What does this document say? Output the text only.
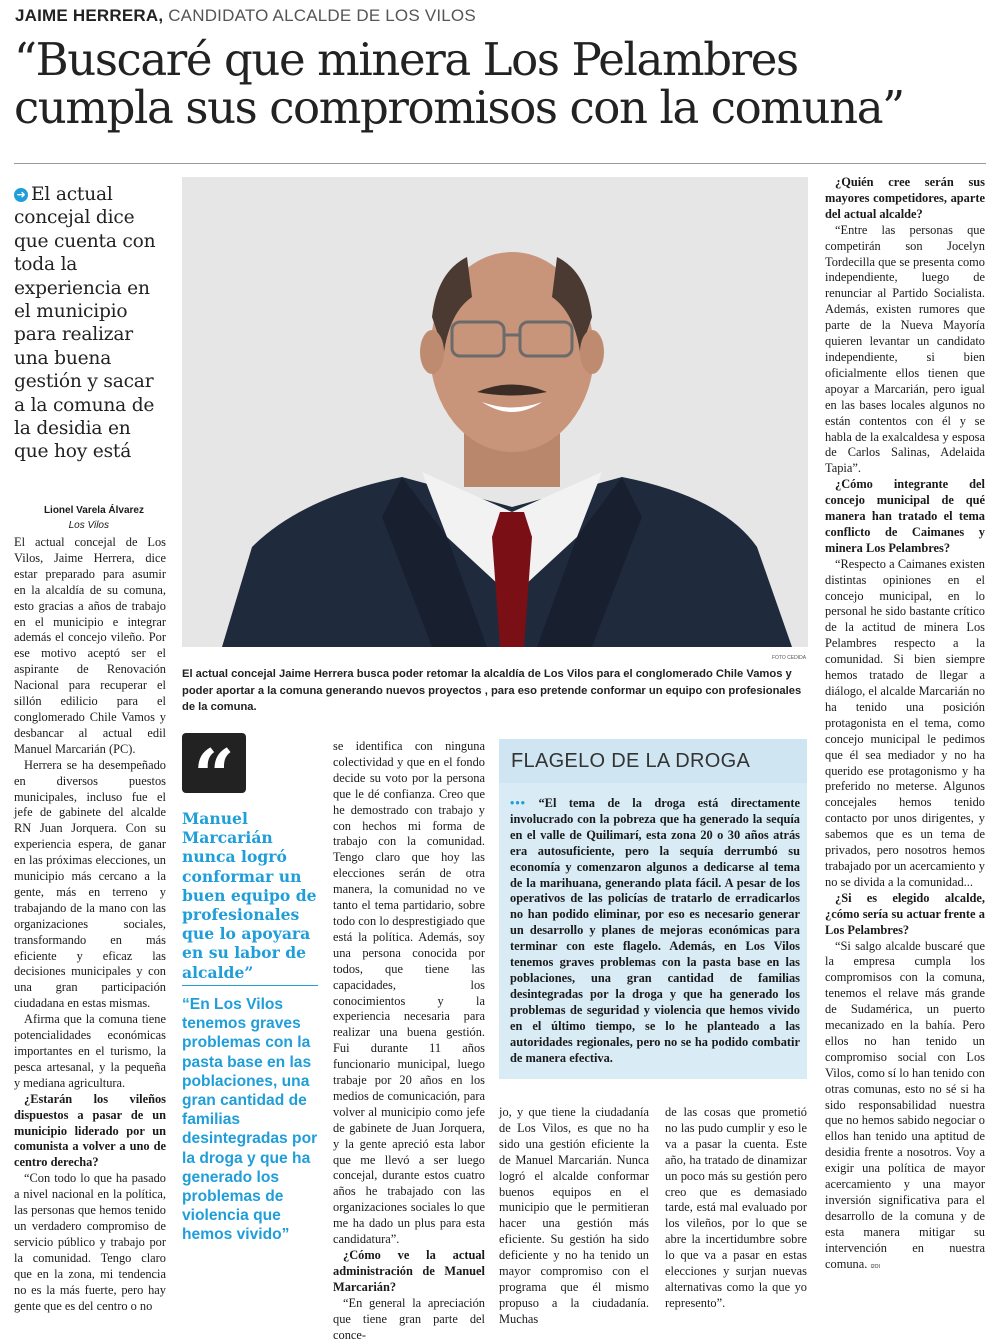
JAIME HERRERA, CANDIDATO ALCALDE DE LOS VILOS
“Buscaré que minera Los Pelambres
cumpla sus compromisos con la comuna”
➜ El actual concejal dice que cuenta con toda la experiencia en el municipio para realizar una buena gestión y sacar a la comuna de la desidia en que hoy está
Lionel Varela Álvarez
Los Vilos

El actual concejal de Los Vilos, Jaime Herrera, dice estar preparado para asumir en la alcaldía de su comuna, esto gracias a años de trabajo en el municipio e integrar además el concejo vileño. Por ese motivo aceptó ser el aspirante de Renovación Nacional para recuperar el sillón edilicio para el conglomerado Chile Vamos y desbancar al actual edil Manuel Marcarián (PC).

Herrera se ha desempeñado en diversos puestos municipales, incluso fue el jefe de gabinete del alcalde RN Juan Jorquera. Con su experiencia espera, de ganar en las próximas elecciones, un municipio más cercano a la gente, más en terreno y trabajando de la mano con las organizaciones sociales, transformando en más eficiente y eficaz las decisiones municipales y con una gran participación ciudadana en estas mismas.

Afirma que la comuna tiene potencialidades económicas importantes en el turismo, la pesca artesanal, y la pequeña y mediana agricultura.

¿Estarán los vileños dispuestos a pasar de un municipio liderado por un comunista a volver a uno de centro derecha?

“Con todo lo que ha pasado a nivel nacional en la política, las personas que hemos tenido un verdadero compromiso de servicio público y trabajo por la comunidad. Tengo claro que en la zona, mi tendencia no es la más fuerte, pero hay gente que es del centro o no

FOTO CEDIDA
El actual concejal Jaime Herrera busca poder retomar la alcaldía de Los Vilos para el conglomerado Chile Vamos y poder aportar a la comuna generando nuevos proyectos , para eso pretende conformar un equipo con profesionales de la comuna.
“
Manuel Marcarián nunca logró conformar un buen equipo de profesionales que lo apoyara en su labor de alcalde”
“En Los Vilos tenemos graves problemas con la pasta base en las poblaciones, una gran cantidad de familias desintegradas por la droga y que ha generado los problemas de violencia que hemos vivido”

se identifica con ninguna colectividad y que en el fondo decide su voto por la persona que le dé confianza. Creo que he demostrado con trabajo y con hechos mi forma de trabajo con la comunidad. Tengo claro que hoy las elecciones serán de otra manera, la comunidad no ve tanto el tema partidario, sobre todo con lo desprestigiado que está la política. Además, soy una persona conocida por todos, que tiene las capacidades, los conocimientos y la experiencia necesaria para realizar una buena gestión. Fui durante 11 años funcionario municipal, luego trabaje por 20 años en los medios de comunicación, para volver al municipio como jefe de gabinete de Juan Jorquera, y la gente apreció esta labor que me llevó a ser luego concejal, durante estos cuatro años he trabajado con las organizaciones sociales lo que me ha dado un plus para esta candidatura”.

¿Cómo ve la actual administración de Manuel Marcarián?

“En general la apreciación que tiene gran parte del conce-

FLAGELO DE LA DROGA
••• “El tema de la droga está directamente involucrado con la pobreza que ha generado la sequía en el valle de Quilimarí, esta zona 20 o 30 años atrás era autosuficiente, pero la sequía derrumbó su economía y comenzaron algunos a dedicarse al tema de la marihuana, generando plata fácil. A pesar de los operativos de las policías de tratarlo de erradicarlos no han podido eliminar, por eso es necesario generar un desarrollo y planes de mejoras económicas para terminar con este flagelo. Además, en Los Vilos tenemos graves problemas con la pasta base en las poblaciones, una gran cantidad de familias desintegradas por la droga y que ha generado los problemas de seguridad y violencia que hemos vivido en el último tiempo, se lo he planteado a las autoridades regionales, pero no se ha podido combatir de manera efectiva.

jo, y que tiene la ciudadanía de Los Vilos, es que no ha sido una gestión eficiente la de Manuel Marcarián. Nunca logró el alcalde conformar buenos equipos en el municipio que le permitieran hacer una gestión más eficiente. Su gestión ha sido deficiente y no ha tenido un mayor compromiso con el programa que él mismo propuso a la ciudadanía. Muchas

de las cosas que prometió no las pudo cumplir y eso le va a pasar la cuenta. Este año, ha tratado de dinamizar un poco más su gestión pero creo que es demasiado tarde, está mal evaluado por los vileños, por lo que se abre la incertidumbre sobre lo que va a pasar en estas elecciones y surjan nuevas alternativas como la que yo represento”.

¿Quién cree serán sus mayores competidores, aparte del actual alcalde?

“Entre las personas que competirán son Jocelyn Tordecilla que se presenta como independiente, luego de renunciar al Partido Socialista. Además, existen rumores que parte de la Nueva Mayoría quieren levantar un candidato independiente, si bien oficialmente ellos tienen que apoyar a Marcarián, pero igual en las bases locales algunos no están contentos con él y se habla de la exalcaldesa y esposa de Carlos Salinas, Adelaida Tapia”.

¿Cómo integrante del concejo municipal de qué manera han tratado el tema conflicto de Caimanes y minera Los Pelambres?

“Respecto a Caimanes existen distintas opiniones en el concejo municipal, en lo personal he sido bastante crítico de la actitud de minera Los Pelambres respecto a la comunidad. Si bien siempre hemos tratado de llegar a diálogo, el alcalde Marcarián no ha tenido una posición protagonista en el tema, como concejo municipal le pedimos que él sea mediador y no ha querido ese protagonismo y ha preferido no meterse. Algunos concejales hemos tenido contacto por unos dirigentes, y sabemos que es un tema de privados, pero nosotros hemos trabajado por un acercamiento y no se divida a la comunidad...

¿Si es elegido alcalde, ¿cómo sería su actuar frente a Los Pelambres?

“Si salgo alcalde buscaré que la empresa cumpla los compromisos con la comuna, tenemos el relave más grande de Sudamérica, un puerto mecanizado en la bahía. Pero ellos no han tenido un compromiso social con Los Vilos, como sí lo han tenido con otras comunas, esto no sé si ha sido responsabilidad nuestra que no hemos sabido negociar o ellos han tenido una aptitud de desidia frente a nosotros. Voy a exigir una política de mayor acercamiento y una mayor inversión significativa para el desarrollo de la comuna y de esta manera mitigar su intervención en nuestra comuna. I2OI
